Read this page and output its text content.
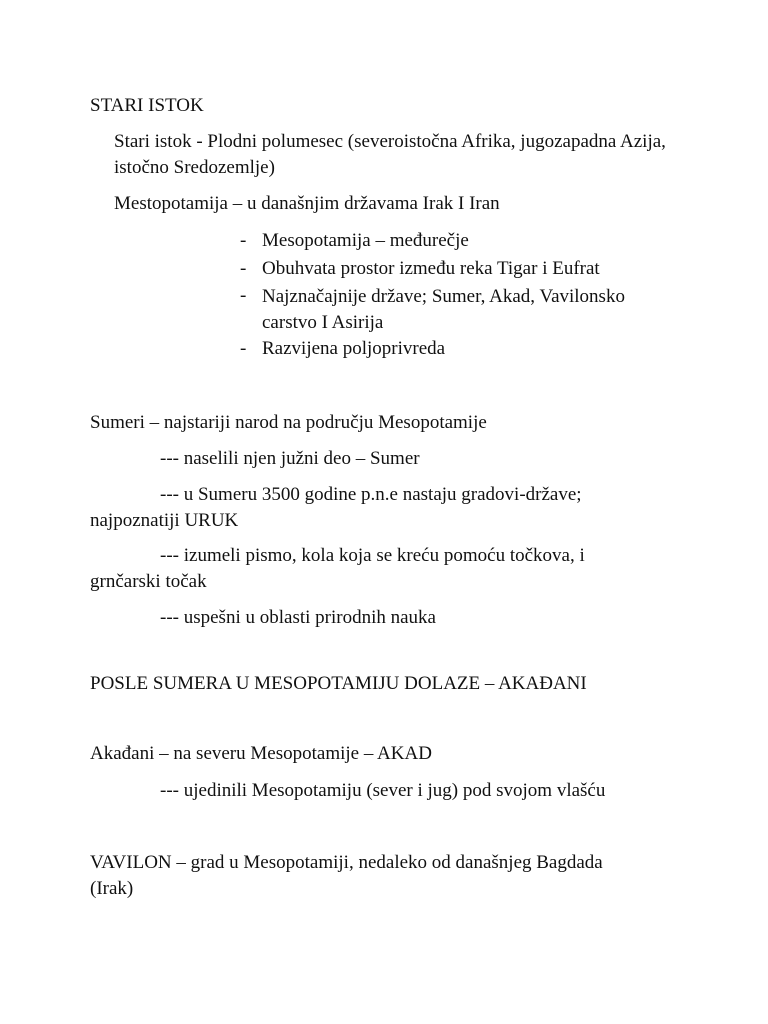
STARI ISTOK
Stari istok - Plodni polumesec (severoistočna Afrika, jugozapadna Azija, istočno Sredozemlje)
Mestopotamija – u današnjim državama Irak I Iran
- Mesopotamija – međurečje
- Obuhvata prostor između reka Tigar i Eufrat
- Najznačajnije države; Sumer, Akad, Vavilonsko carstvo I Asirija
- Razvijena poljoprivreda
Sumeri – najstariji narod na području Mesopotamije
--- naselili njen južni deo – Sumer
--- u Sumeru 3500 godine p.n.e nastaju gradovi-države;
najpoznatiji URUK
--- izumeli pismo, kola koja se kreću pomoću točkova, i
grnčarski točak
--- uspešni u oblasti prirodnih nauka
POSLE SUMERA U MESOPOTAMIJU DOLAZE – AKAĐANI
Akađani – na severu Mesopotamije – AKAD
--- ujedinili Mesopotamiju (sever i jug) pod svojom vlašću
VAVILON – grad u Mesopotamiji, nedaleko od današnjeg Bagdada (Irak)
